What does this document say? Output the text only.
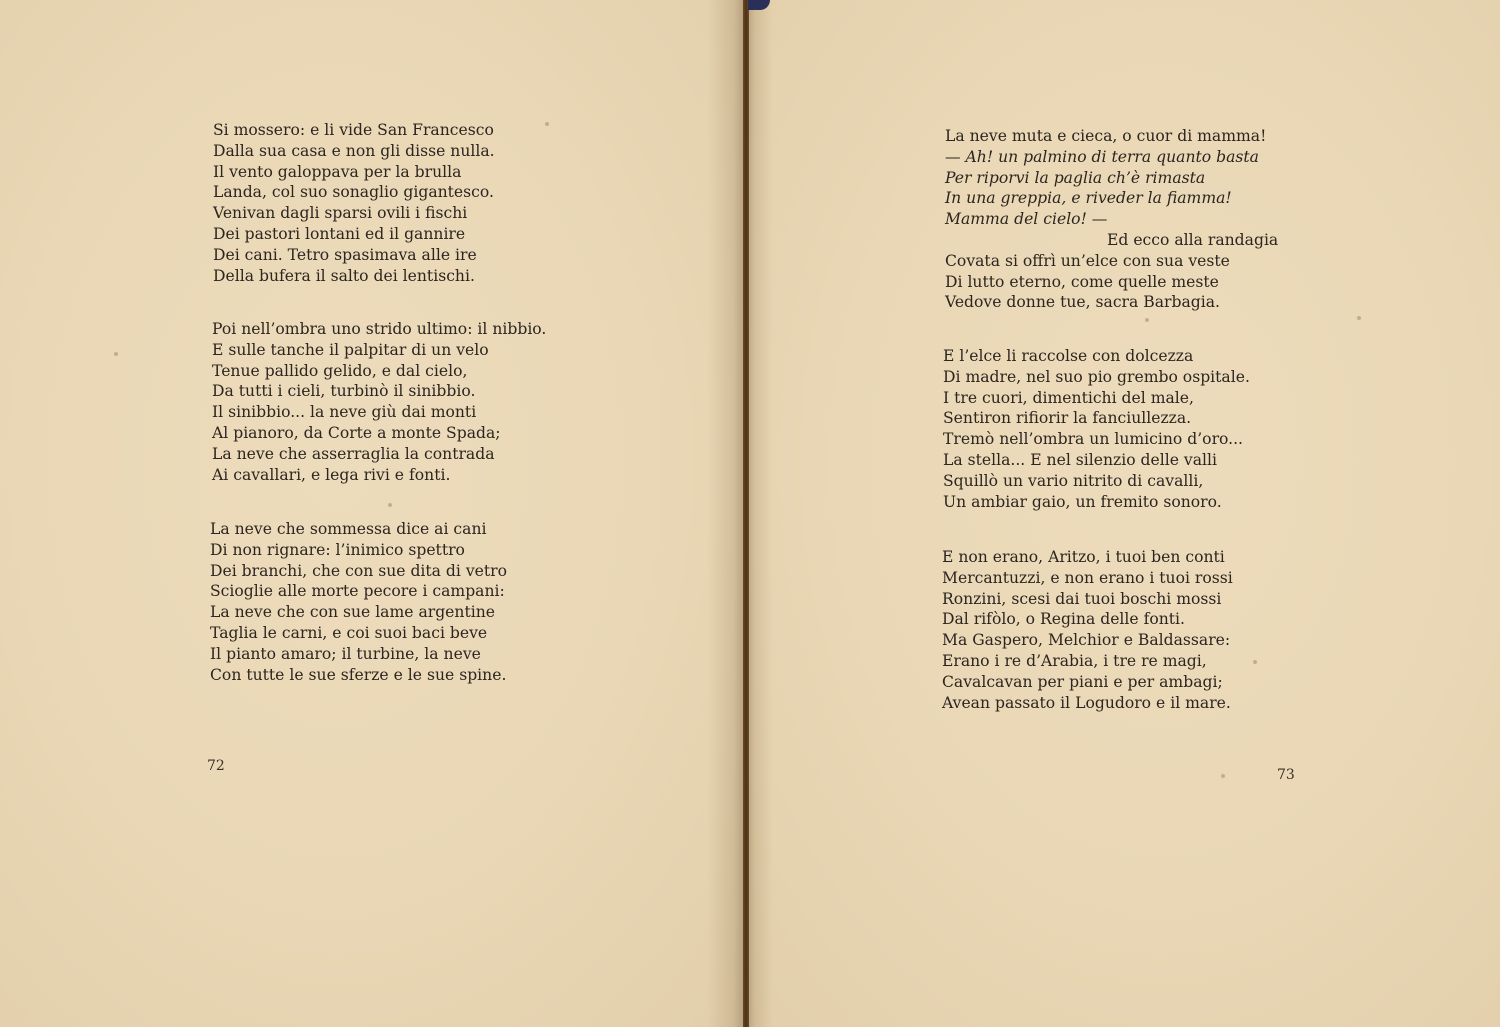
Si mossero: e li vide San Francesco
Dalla sua casa e non gli disse nulla.
Il vento galoppava per la brulla
Landa, col suo sonaglio gigantesco.
Venivan dagli sparsi ovili i fischi
Dei pastori lontani ed il gannire
Dei cani. Tetro spasimava alle ire
Della bufera il salto dei lentischi.
Poi nell’ombra uno strido ultimo: il nibbio.
E sulle tanche il palpitar di un velo
Tenue pallido gelido, e dal cielo,
Da tutti i cieli, turbinò il sinibbio.
Il sinibbio... la neve giù dai monti
Al pianoro, da Corte a monte Spada;
La neve che asserraglia la contrada
Ai cavallari, e lega rivi e fonti.
La neve che sommessa dice ai cani
Di non rignare: l’inimico spettro
Dei branchi, che con sue dita di vetro
Scioglie alle morte pecore i campani:
La neve che con sue lame argentine
Taglia le carni, e coi suoi baci beve
Il pianto amaro; il turbine, la neve
Con tutte le sue sferze e le sue spine.
72
La neve muta e cieca, o cuor di mamma!
— Ah! un palmino di terra quanto basta
Per riporvi la paglia ch’è rimasta
In una greppia, e riveder la fiamma!
Mamma del cielo! —
Ed ecco alla randagia
Covata si offrì un’elce con sua veste
Di lutto eterno, come quelle meste
Vedove donne tue, sacra Barbagia.
E l’elce li raccolse con dolcezza
Di madre, nel suo pio grembo ospitale.
I tre cuori, dimentichi del male,
Sentiron rifiorir la fanciullezza.
Tremò nell’ombra un lumicino d’oro...
La stella... E nel silenzio delle valli
Squillò un vario nitrito di cavalli,
Un ambiar gaio, un fremito sonoro.
E non erano, Aritzo, i tuoi ben conti
Mercantuzzi, e non erano i tuoi rossi
Ronzini, scesi dai tuoi boschi mossi
Dal rifòlo, o Regina delle fonti.
Ma Gaspero, Melchior e Baldassare:
Erano i re d’Arabia, i tre re magi,
Cavalcavan per piani e per ambagi;
Avean passato il Logudoro e il mare.
73
